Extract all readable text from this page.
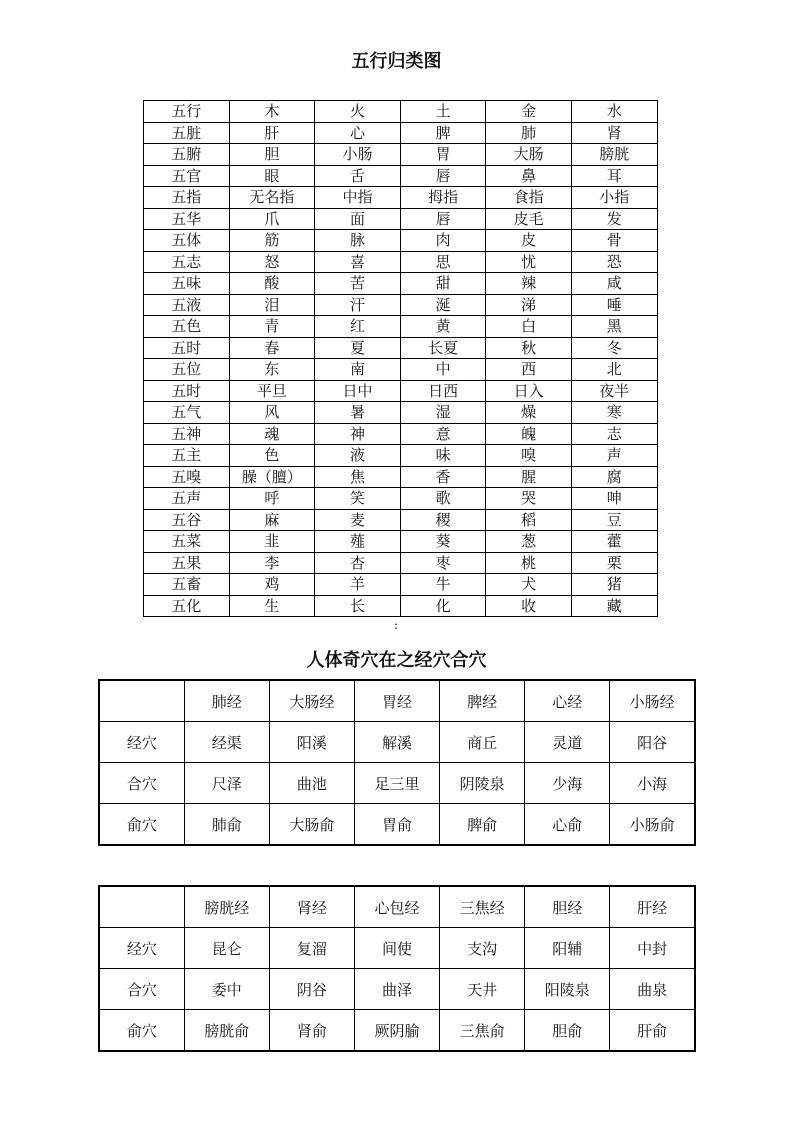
五行归类图
五行	木	火	土	金	水
五脏	肝	心	脾	肺	肾
五腑	胆	小肠	胃	大肠	膀胱
五官	眼	舌	唇	鼻	耳
五指	无名指	中指	拇指	食指	小指
五华	爪	面	唇	皮毛	发
五体	筋	脉	肉	皮	骨
五志	怒	喜	思	忧	恐
五味	酸	苦	甜	辣	咸
五液	泪	汗	涎	涕	唾
五色	青	红	黄	白	黑
五时	春	夏	长夏	秋	冬
五位	东	南	中	西	北
五时	平旦	日中	日西	日入	夜半
五气	风	暑	湿	燥	寒
五神	魂	神	意	魄	志
五主	色	液	味	嗅	声
五嗅	臊（膻）	焦	香	腥	腐
五声	呼	笑	歌	哭	呻
五谷	麻	麦	稷	稻	豆
五菜	韭	薤	葵	葱	藿
五果	李	杏	枣	桃	栗
五畜	鸡	羊	牛	犬	猪
五化	生	长	化	收	藏
:
人体奇穴在之经穴合穴
	肺经	大肠经	胃经	脾经	心经	小肠经
经穴	经渠	阳溪	解溪	商丘	灵道	阳谷
合穴	尺泽	曲池	足三里	阴陵泉	少海	小海
俞穴	肺俞	大肠俞	胃俞	脾俞	心俞	小肠俞
	膀胱经	肾经	心包经	三焦经	胆经	肝经
经穴	昆仑	复溜	间使	支沟	阳辅	中封
合穴	委中	阴谷	曲泽	天井	阳陵泉	曲泉
俞穴	膀胱俞	肾俞	厥阴腧	三焦俞	胆俞	肝俞
